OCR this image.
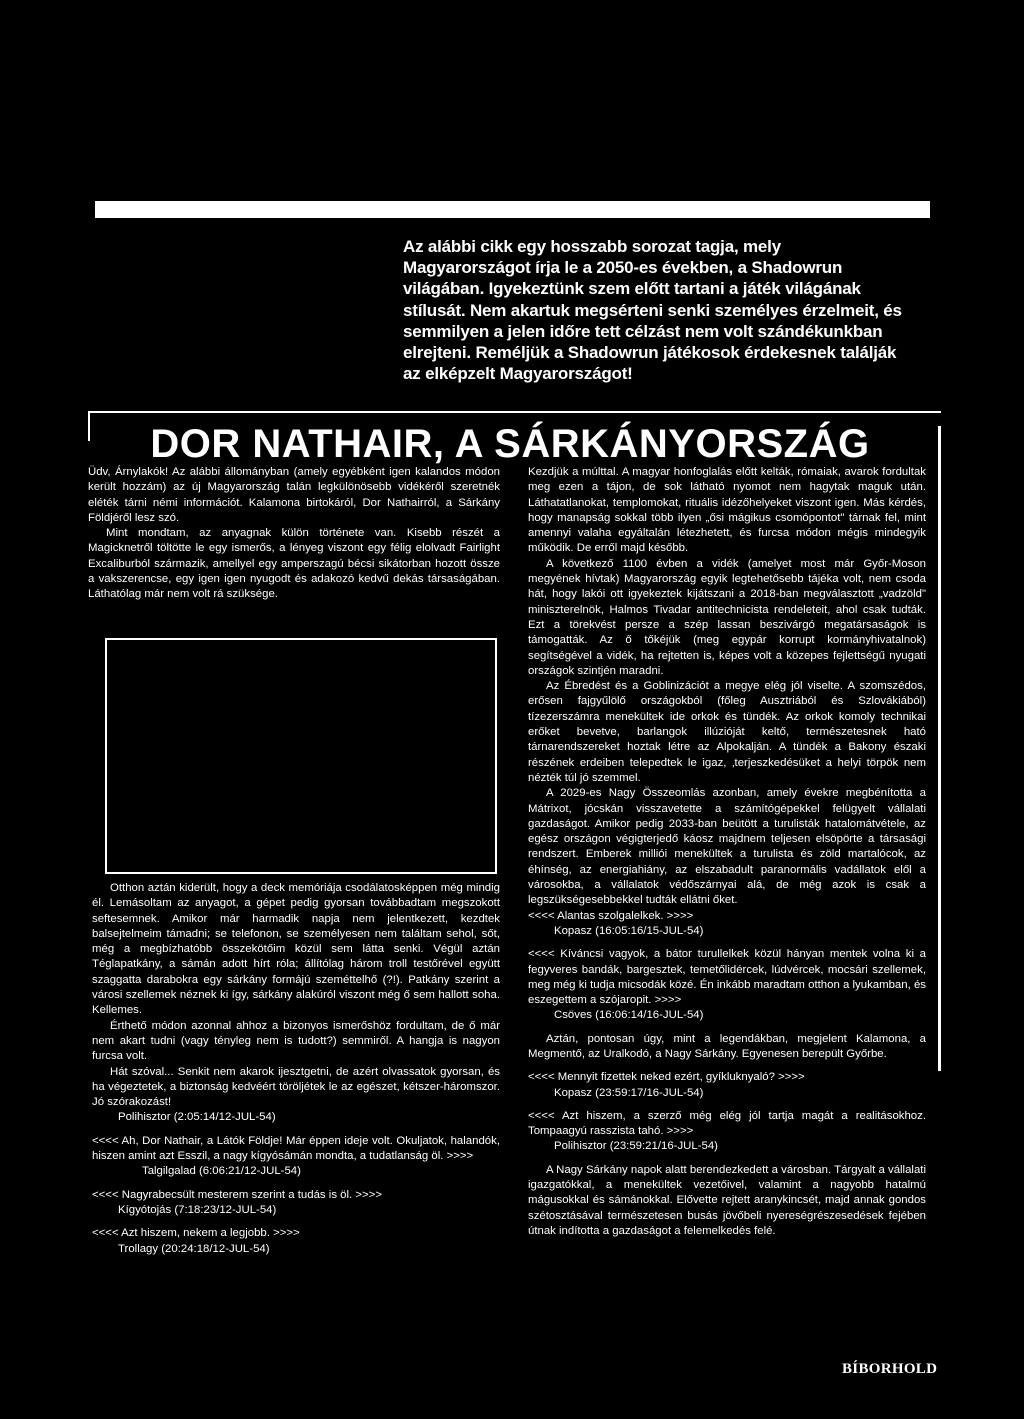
Az alábbi cikk egy hosszabb sorozat tagja, mely Magyarországot írja le a 2050-es években, a Shadowrun világában. Igyekeztünk szem előtt tartani a játék világának stílusát. Nem akartuk megsérteni senki személyes érzelmeit, és semmilyen a jelen időre tett célzást nem volt szándékunkban elrejteni. Reméljük a Shadowrun játékosok érdekesnek találják az elképzelt Magyarországot!

DOR NATHAIR, A SÁRKÁNYORSZÁG

Üdv, Árnylakók! Az alábbi állományban (amely egyébként igen kalandos módon került hozzám) az új Magyarország talán legkülönösebb vidékéről szeretnék eléték tárni némi információt. Kalamona birtokáról, Dor Nathairról, a Sárkány Földjéről lesz szó.

Mint mondtam, az anyagnak külön története van. Kisebb részét a Magicknetről töltötte le egy ismerős, a lényeg viszont egy félig elolvadt Fairlight Excaliburból származik, amellyel egy amperszagú bécsi sikátorban hozott össze a vakszerencse, egy igen igen nyugodt és adakozó kedvű dekás társaságában. Láthatólag már nem volt rá szüksége.

Otthon aztán kiderült, hogy a deck memóriája csodálatosképpen még mindig él. Lemásoltam az anyagot, a gépet pedig gyorsan továbbadtam megszokott seftesemnek. Amikor már harmadik napja nem jelentkezett, kezdtek balsejtelmeim támadni; se telefonon, se személyesen nem találtam sehol, sőt, még a megbízhatóbb összekötőim közül sem látta senki. Végül aztán Téglapatkány, a sámán adott hírt róla; állítólag három troll testőrével együtt szaggatta darabokra egy sárkány formájú szeméttelhő (?!). Patkány szerint a városi szellemek néznek ki így, sárkány alakúról viszont még ő sem hallott soha. Kellemes.

Érthető módon azonnal ahhoz a bizonyos ismerőshöz fordultam, de ő már nem akart tudni (vagy tényleg nem is tudott?) semmiről. A hangja is nagyon furcsa volt.

Hát szóval... Senkit nem akarok ijesztgetni, de azért olvassatok gyorsan, és ha végeztetek, a biztonság kedvéért töröljétek le az egészet, kétszer-háromszor. Jó szórakozást!

Polihisztor (2:05:14/12-JUL-54)

<<<< Ah, Dor Nathair, a Látók Földje! Már éppen ideje volt. Okuljatok, halandók, hiszen amint azt Esszil, a nagy kígyósámán mondta, a tudatlanság öl. >>>>

Talgilgalad (6:06:21/12-JUL-54)

<<<< Nagyrabecsült mesterem szerint a tudás is öl. >>>>

Kígyótojás (7:18:23/12-JUL-54)

<<<< Azt hiszem, nekem a legjobb. >>>>

Trollagy (20:24:18/12-JUL-54)

Kezdjük a múlttal. A magyar honfoglalás előtt kelták, rómaiak, avarok fordultak meg ezen a tájon, de sok látható nyomot nem hagytak maguk után. Láthatatlanokat, templomokat, rituális idézőhelyeket viszont igen. Más kérdés, hogy manapság sokkal több ilyen „ősi mágikus csomópontot" tárnak fel, mint amennyi valaha egyáltalán létezhetett, és furcsa módon mégis mindegyik működik. De erről majd később.

A következő 1100 évben a vidék (amelyet most már Győr-Moson megyének hívtak) Magyarország egyik legtehetősebb tájéka volt, nem csoda hát, hogy lakói ott igyekeztek kijátszani a 2018-ban megválasztott „vadzöld" miniszterelnök, Halmos Tivadar antitechnicista rendeleteit, ahol csak tudták. Ezt a törekvést persze a szép lassan beszivárgó megatársaságok is támogatták. Az ő tőkéjük (meg egypár korrupt kormányhivatalnok) segítségével a vidék, ha rejtetten is, képes volt a közepes fejlettségű nyugati országok szintjén maradni.

Az Ébredést és a Goblinizációt a megye elég jól viselte. A szomszédos, erősen fajgyűlölő országokból (főleg Ausztriából és Szlovákiából) tízezerszámra menekültek ide orkok és tündék. Az orkok komoly technikai erőket bevetve, barlangok illúzióját keltő, természetesnek ható tárnarendszereket hoztak létre az Alpokalján. A tündék a Bakony északi részének erdeiben telepedtek le igaz, ‚terjeszkedésüket a helyi törpök nem nézték túl jó szemmel.

A 2029-es Nagy Összeomlás azonban, amely évekre megbénította a Mátrixot, jócskán visszavetette a számítógépekkel felügyelt vállalati gazdaságot. Amikor pedig 2033-ban beütött a turulisták hatalomátvétele, az egész országon végigterjedő káosz majdnem teljesen elsöpörte a társasági rendszert. Emberek milliói menekültek a turulista és zöld martalócok, az éhínség, az energiahiány, az elszabadult paranormális vadállatok elől a városokba, a vállalatok védőszárnyai alá, de még azok is csak a legszükségesebbekkel tudták ellátni őket.

<<<< Alantas szolgalelkek. >>>>

Kopasz (16:05:16/15-JUL-54)

<<<< Kíváncsi vagyok, a bátor turullelkek közül hányan mentek volna ki a fegyveres bandák, bargesztek, temetőlidércek, lúdvércek, mocsári szellemek, meg még ki tudja micsodák közé. Én inkább maradtam otthon a lyukamban, és eszegettem a szójaropit. >>>>

Csöves (16:06:14/16-JUL-54)

Aztán, pontosan úgy, mint a legendákban, megjelent Kalamona, a Megmentő, az Uralkodó, a Nagy Sárkány. Egyenesen berepült Győrbe.

<<<< Mennyit fizettek neked ezért, gyíkluknyaló? >>>>

Kopasz (23:59:17/16-JUL-54)

<<<< Azt hiszem, a szerző még elég jól tartja magát a realitásokhoz. Tompaagyú rasszista tahó. >>>>

Polihisztor (23:59:21/16-JUL-54)

A Nagy Sárkány napok alatt berendezkedett a városban. Tárgyalt a vállalati igazgatókkal, a menekültek vezetőivel, valamint a nagyobb hatalmú mágusokkal és sámánokkal. Elővette rejtett aranykincsét, majd annak gondos szétosztásával természetesen busás jövőbeli nyereségrészesedések fejében útnak indította a gazdaságot a felemelkedés felé.

BÍBORHOLD
